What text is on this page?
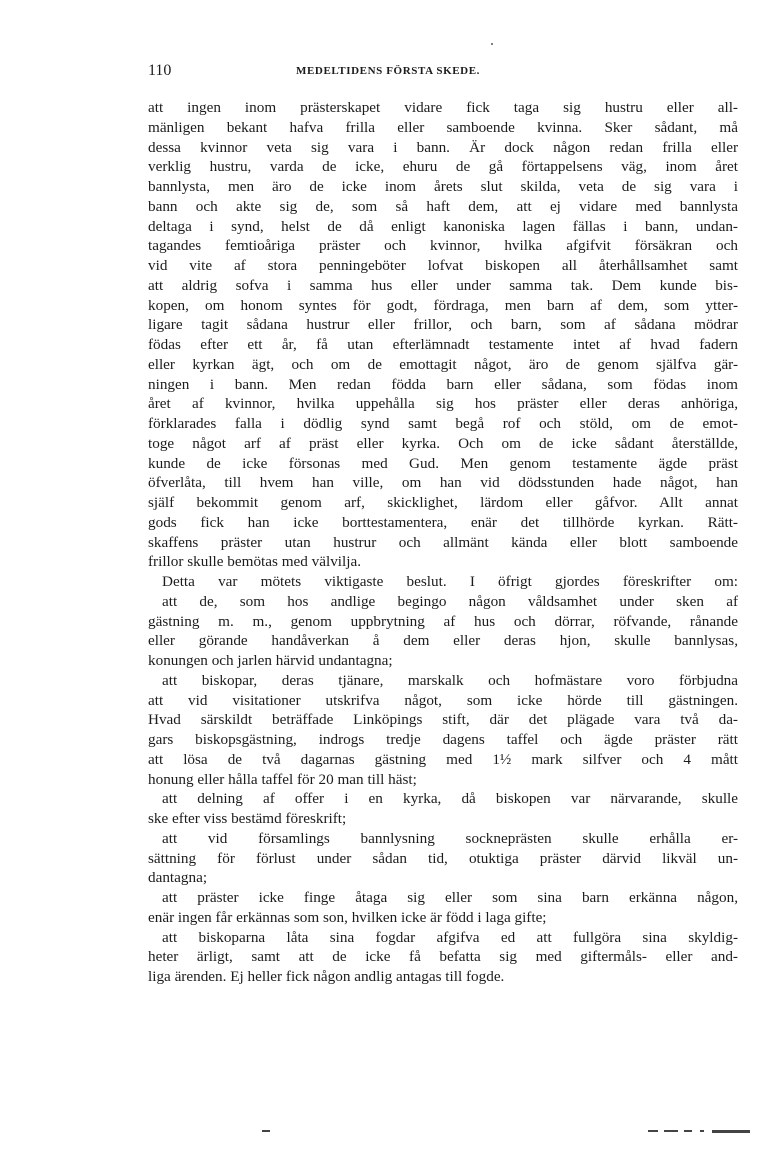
110	MEDELTIDENS FÖRSTA SKEDE.
att ingen inom prästerskapet vidare fick taga sig hustru eller all-
mänligen bekant hafva frilla eller samboende kvinna. Sker sådant, må
dessa kvinnor veta sig vara i bann. Är dock någon redan frilla eller
verklig hustru, varda de icke, ehuru de gå förtappelsens väg, inom året
bannlysta, men äro de icke inom årets slut skilda, veta de sig vara i
bann och akte sig de, som så haft dem, att ej vidare med bannlysta
deltaga i synd, helst de då enligt kanoniska lagen fällas i bann, undan-
tagandes femtioåriga präster och kvinnor, hvilka afgifvit försäkran och
vid vite af stora penningeböter lofvat biskopen all återhållsamhet samt
att aldrig sofva i samma hus eller under samma tak. Dem kunde bis-
kopen, om honom syntes för godt, fördraga, men barn af dem, som ytter-
ligare tagit sådana hustrur eller frillor, och barn, som af sådana mödrar
födas efter ett år, få utan efterlämnadt testamente intet af hvad fadern
eller kyrkan ägt, och om de emottagit något, äro de genom själfva gär-
ningen i bann. Men redan födda barn eller sådana, som födas inom
året af kvinnor, hvilka uppehålla sig hos präster eller deras anhöriga,
förklarades falla i dödlig synd samt begå rof och stöld, om de emot-
toge något arf af präst eller kyrka. Och om de icke sådant återställde,
kunde de icke försonas med Gud. Men genom testamente ägde präst
öfverlåta, till hvem han ville, om han vid dödsstunden hade något, han
själf bekommit genom arf, skicklighet, lärdom eller gåfvor. Allt annat
gods fick han icke borttestamentera, enär det tillhörde kyrkan. Rätt-
skaffens präster utan hustrur och allmänt kända eller blott samboende
frillor skulle bemötas med välvilja.
Detta var mötets viktigaste beslut. I öfrigt gjordes föreskrifter om:
att de, som hos andlige begingo någon våldsamhet under sken af
gästning m. m., genom uppbrytning af hus och dörrar, röfvande, rånande
eller görande handåverkan å dem eller deras hjon, skulle bannlysas,
konungen och jarlen härvid undantagna;
att biskopar, deras tjänare, marskalk och hofmästare voro förbjudna
att vid visitationer utskrifva något, som icke hörde till gästningen.
Hvad särskildt beträffade Linköpings stift, där det plägade vara två da-
gars biskopsgästning, indrogs tredje dagens taffel och ägde präster rätt
att lösa de två dagarnas gästning med 1½ mark silfver och 4 mått
honung eller hålla taffel för 20 man till häst;
att delning af offer i en kyrka, då biskopen var närvarande, skulle
ske efter viss bestämd föreskrift;
att vid församlings bannlysning sockneprästen skulle erhålla er-
sättning för förlust under sådan tid, otuktiga präster därvid likväl un-
dantagna;
att präster icke finge åtaga sig eller som sina barn erkänna någon,
enär ingen får erkännas som son, hvilken icke är född i laga gifte;
att biskoparna låta sina fogdar afgifva ed att fullgöra sina skyldig-
heter ärligt, samt att de icke få befatta sig med giftermåls- eller and-
liga ärenden. Ej heller fick någon andlig antagas till fogde.
